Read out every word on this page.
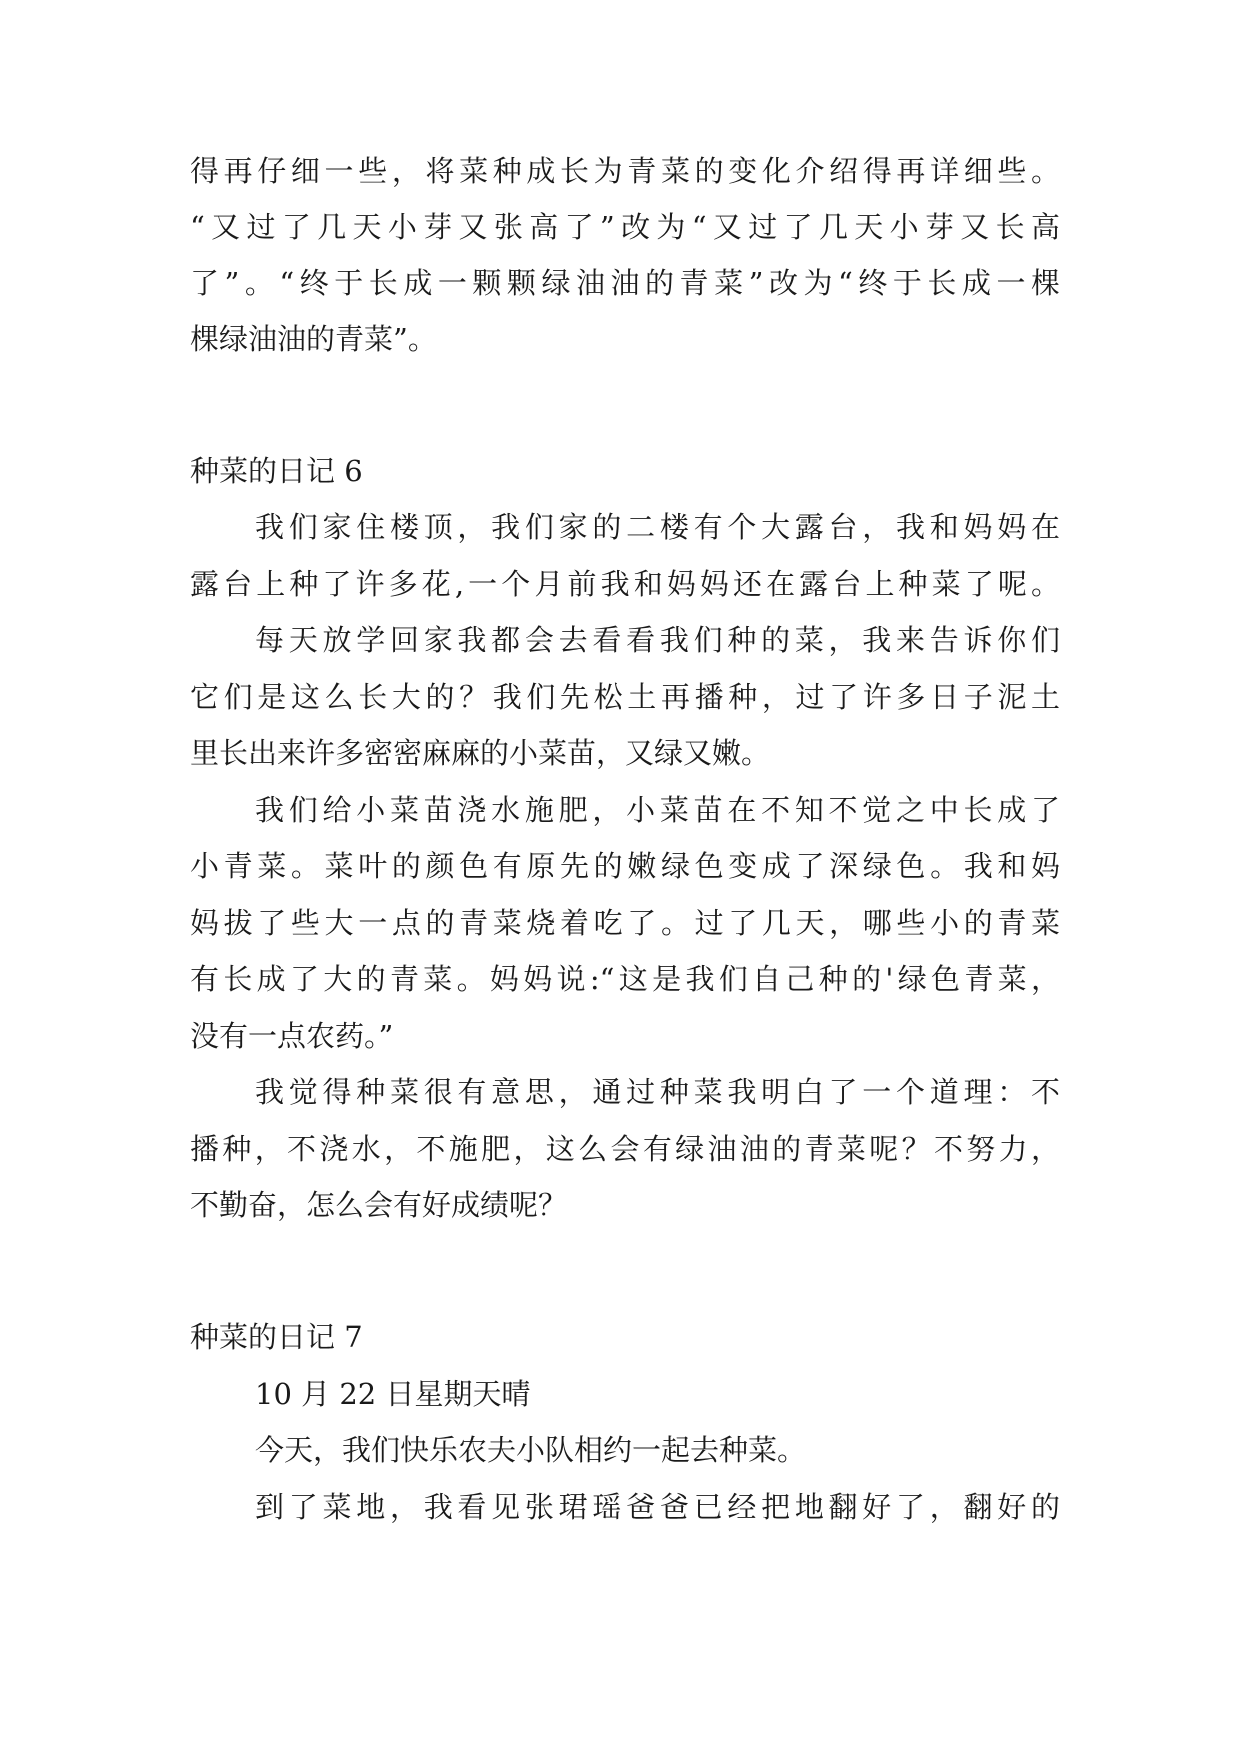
得再仔细一些，将菜种成长为青菜的变化介绍得再详细些。
“又过了几天小芽又张高了”改为“又过了几天小芽又长高
了”。“终于长成一颗颗绿油油的青菜”改为“终于长成一棵
棵绿油油的青菜”。
种菜的日记 6
我们家住楼顶，我们家的二楼有个大露台，我和妈妈在
露台上种了许多花,一个月前我和妈妈还在露台上种菜了呢。
每天放学回家我都会去看看我们种的菜，我来告诉你们
它们是这么长大的？我们先松土再播种，过了许多日子泥土
里长出来许多密密麻麻的小菜苗，又绿又嫩。
我们给小菜苗浇水施肥，小菜苗在不知不觉之中长成了
小青菜。菜叶的颜色有原先的嫩绿色变成了深绿色。我和妈
妈拔了些大一点的青菜烧着吃了。过了几天，哪些小的青菜
有长成了大的青菜。妈妈说:“这是我们自己种的'绿色青菜，
没有一点农药。”
我觉得种菜很有意思，通过种菜我明白了一个道理：不
播种，不浇水，不施肥，这么会有绿油油的青菜呢？不努力，
不勤奋，怎么会有好成绩呢？
种菜的日记 7
10 月 22 日星期天晴
今天，我们快乐农夫小队相约一起去种菜。
到了菜地，我看见张珺瑶爸爸已经把地翻好了，翻好的
